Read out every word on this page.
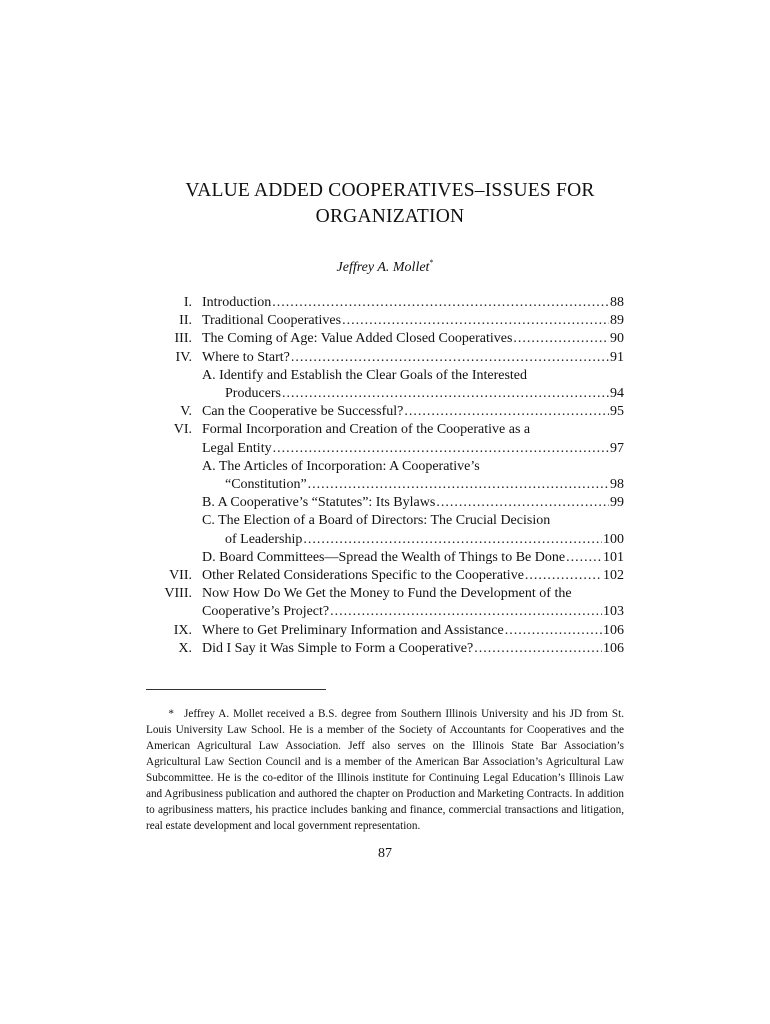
VALUE ADDED COOPERATIVES–ISSUES FOR
ORGANIZATION
Jeffrey A. Mollet*
I. Introduction .....	88
II. Traditional Cooperatives .....	89
III. The Coming of Age: Value Added Closed Cooperatives .....	90
IV. Where to Start? .....	91
A. Identify and Establish the Clear Goals of the Interested
Producers .....	94
V. Can the Cooperative be Successful? .....	95
VI. Formal Incorporation and Creation of the Cooperative as a
Legal Entity .....	97
A. The Articles of Incorporation: A Cooperative’s
“Constitution” .....	98
B. A Cooperative’s “Statutes”: Its Bylaws .....	99
C. The Election of a Board of Directors: The Crucial Decision
of Leadership .....	100
D. Board Committees—Spread the Wealth of Things to Be Done .....	101
VII. Other Related Considerations Specific to the Cooperative .....	102
VIII. Now How Do We Get the Money to Fund the Development of the
Cooperative’s Project? .....	103
IX. Where to Get Preliminary Information and Assistance .....	106
X. Did I Say it Was Simple to Form a Cooperative? .....	106
* Jeffrey A. Mollet received a B.S. degree from Southern Illinois University and his JD from St. Louis University Law School. He is a member of the Society of Accountants for Cooperatives and the American Agricultural Law Association. Jeff also serves on the Illinois State Bar Association’s Agricultural Law Section Council and is a member of the American Bar Association’s Agricultural Law Subcommittee. He is the co-editor of the Illinois institute for Continuing Legal Education’s Illinois Law and Agribusiness publication and authored the chapter on Production and Marketing Contracts. In addition to agribusiness matters, his practice includes banking and finance, commercial transactions and litigation, real estate development and local government representation.
87
